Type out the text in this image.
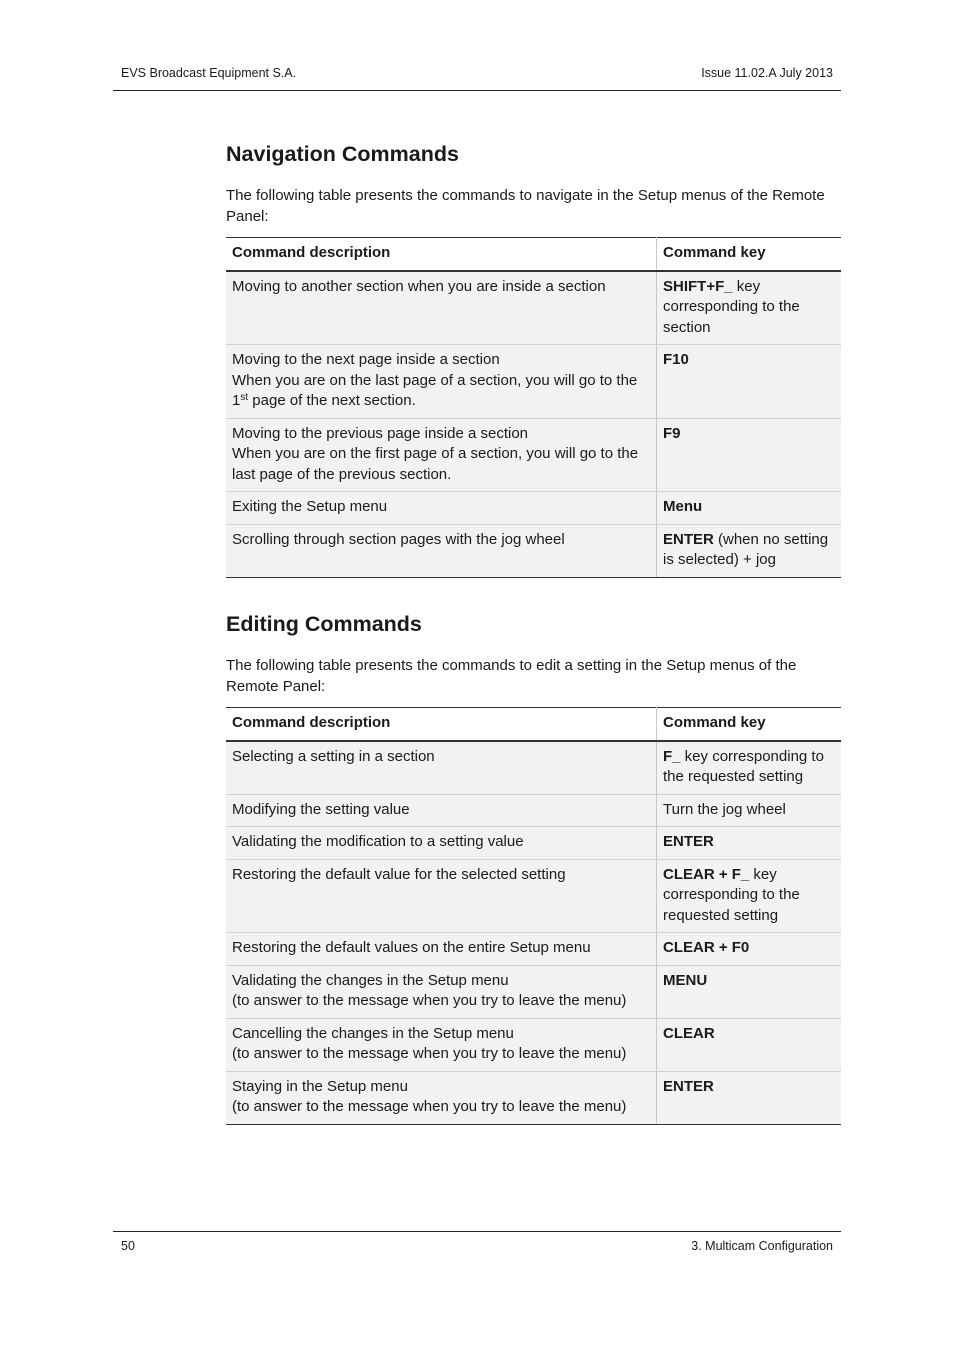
EVS Broadcast Equipment S.A.	Issue 11.02.A July 2013
Navigation Commands

The following table presents the commands to navigate in the Setup menus of the Remote Panel:

Command description	Command key
Moving to another section when you are inside a section	SHIFT+F_ key corresponding to the section
Moving to the next page inside a section
When you are on the last page of a section, you will go to the 1st page of the next section.	F10
Moving to the previous page inside a section
When you are on the first page of a section, you will go to the last page of the previous section.	F9
Exiting the Setup menu	Menu
Scrolling through section pages with the jog wheel	ENTER (when no setting is selected) + jog
Editing Commands

The following table presents the commands to edit a setting in the Setup menus of the Remote Panel:

Command description	Command key
Selecting a setting in a section	F_ key corresponding to the requested setting
Modifying the setting value	Turn the jog wheel
Validating the modification to a setting value	ENTER
Restoring the default value for the selected setting	CLEAR + F_ key corresponding to the requested setting
Restoring the default values on the entire Setup menu	CLEAR + F0
Validating the changes in the Setup menu
(to answer to the message when you try to leave the menu)	MENU
Cancelling the changes in the Setup menu
(to answer to the message when you try to leave the menu)	CLEAR
Staying in the Setup menu
(to answer to the message when you try to leave the menu)	ENTER
50	3. Multicam Configuration
